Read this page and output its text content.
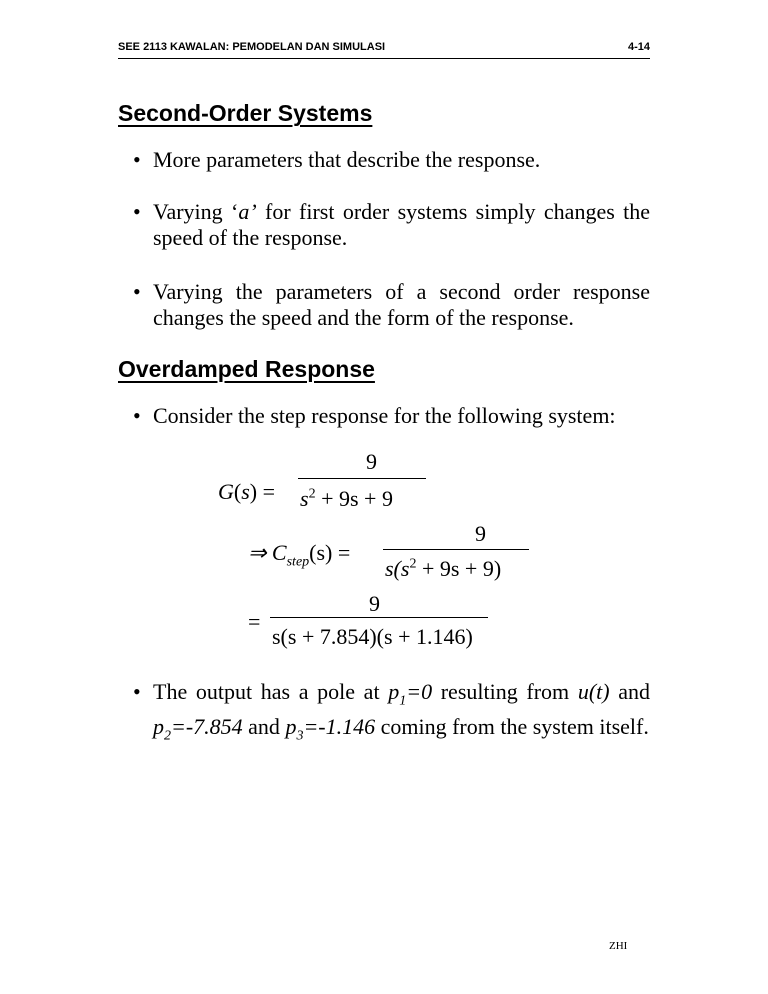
SEE 2113 KAWALAN: PEMODELAN DAN SIMULASI	4-14
Second-Order Systems
• More parameters that describe the response.
• Varying ‘a’ for first order systems simply changes the speed of the response.
• Varying the parameters of a second order response changes the speed and the form of the response.
Overdamped Response
• Consider the step response for the following system:
G(s) =
9
$s^2 + 9s + 9$
⇒ $C_{step}(s)$ =
9
$s(s^2 + 9s + 9)$
=
9
s(s + 7.854)(s + 1.146)
• The output has a pole at $p_1=0$ resulting from u(t) and $p_2=-7.854$ and $p_3=-1.146$ coming from the system itself.
ZHI
